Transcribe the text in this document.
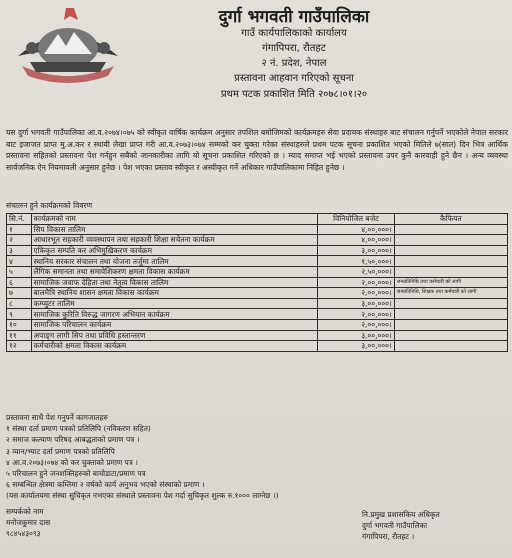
दुर्गा भगवती गाउँपालिका
गाउँ कार्यपालिकाको कार्यालय
गंगापिपरा, रौतहट
२ नं. प्रदेश, नेपाल
प्रस्तावना आहवान गरिएको सूचना
प्रथम पटक प्रकाशित मिति २०७८।०१।२०
यस दुर्गा भगवती गाउँपालिका आ.व.२०७४।०७५ को स्वीकृत वार्षिक कार्यक्रम अनुसार तपशिल बमोजिमको कार्यक्रमहरु सेवा प्रदायक संस्थाहरु बाट संचालन गर्नुपर्ने भएकोले नेपाल सरकार बाट इजाजत प्राप्त मु.अ.कर र स्थायी लेखा प्राप्त गरी आ.व.२०७३।०७४ सम्मको कर चुक्ता गरेका संस्थाहरुले प्रथम पटक सूचना प्रकाशित भएको मितिले ७(सात) दिन भित्र आर्थिक प्रस्तावना सहितको प्रस्तावना पेश गर्नहुन सबैको जानकारीका लागि यो सूचना प्रकाशित गरिएको छ । म्याद समाप्त भई भएको प्रस्तावना उपर कुनै कारवाही हुने छैन । अन्य व्यवस्था सार्वजनिक ऐन नियमावली अनुसार हुनेछ । पेश भएका प्रस्ताव स्वीकृत र अस्वीकृत गर्ने अधिकार गाउँपालिकामा निहित हुनेछ ।
संचालन हुने कार्यक्रमको विवरण
सि.नं.	कार्यक्रमको नाम	विनियोजित बजेट	कैफियत
१	सिप विकास तालिम	४,००,०००।	
२	आधारभूत सहकारी व्यवस्थापन तथा सहकारी शिक्षा सचेतना कार्यक्रम	४,००,०००।	
३	एकिकृत सम्पति कर अभिमुखिकरण कार्यक्रम	३,००,०००।	
४	स्थानिय सरकार संचालन तथा योजना तर्जुमा तालिम	१,५०,०००।	
५	लैंगिक समानता तथा समावेशिकरण क्षमता विकास कार्यक्रम	२,५०,०००।	
६	सामाजिक जवाफ देहिता तथा नेतृत्व विकास तालिम	२,००,०००।	जनप्रतिनिधि तथा कर्मचारी को लागी
७	बालमैत्रि स्थानिय शासन क्षमता विकास कार्यक्रम	२,००,०००।	जनप्रतिनिधि, शिक्षक तथा कर्मचारी को लागी
८	कम्प्युटर तालिम	३,००,०००।	
९	सामाजिक कुरिति विरुद्ध जागरण अभियान कार्यक्रम	२,००,०००।	
१०	सामाजिक परिचालन कार्यक्रम	२,००,०००।	
११	अपाङ्‌ग लागी सिप तथा प्रविधि हस्तान्तरण	३,००,०००।	
१२	कर्मचारीको क्षमता विकास कार्यक्रम	३,००,०००।	
प्रस्तावना साथै पेश गनुपर्ने कागजातहरु
१ संस्था दर्ता प्रमाण पत्रको प्रतिलिपि (नविकरण सहित)
२ समाज कल्याण परिषद आबद्धताको प्रमाण पत्र ।
३ प्यान/भ्याट दर्ता प्रमाण पत्रको प्रतिलिपि
४ आ.व.२०७३।०७४ को कर चुक्ताको प्रमाण पत्र ।
५ परिचालन हुने जनशक्तिहरुको बायोडाटा/प्रमाण पत्र
६ सम्बन्धित क्षेत्रमा कम्तिमा २ वर्षको कार्य अनुभव भएको संस्थाको प्रमाण ।
(यस कार्यालयमा संस्था सुचिकृत नभएका संस्थाले प्रस्तावना पेश गर्दा सुचिकृत शुल्क रु.१००० लाग्नेछ ।)
सम्पर्कको नाम
मनोजकुमार दास
९८४५४३०९३
नि.प्रमुख प्रशासकिय अधिकृत
दुर्गा भगवती गाउँपालिका
गंगापिपरा, रौतहट ।
